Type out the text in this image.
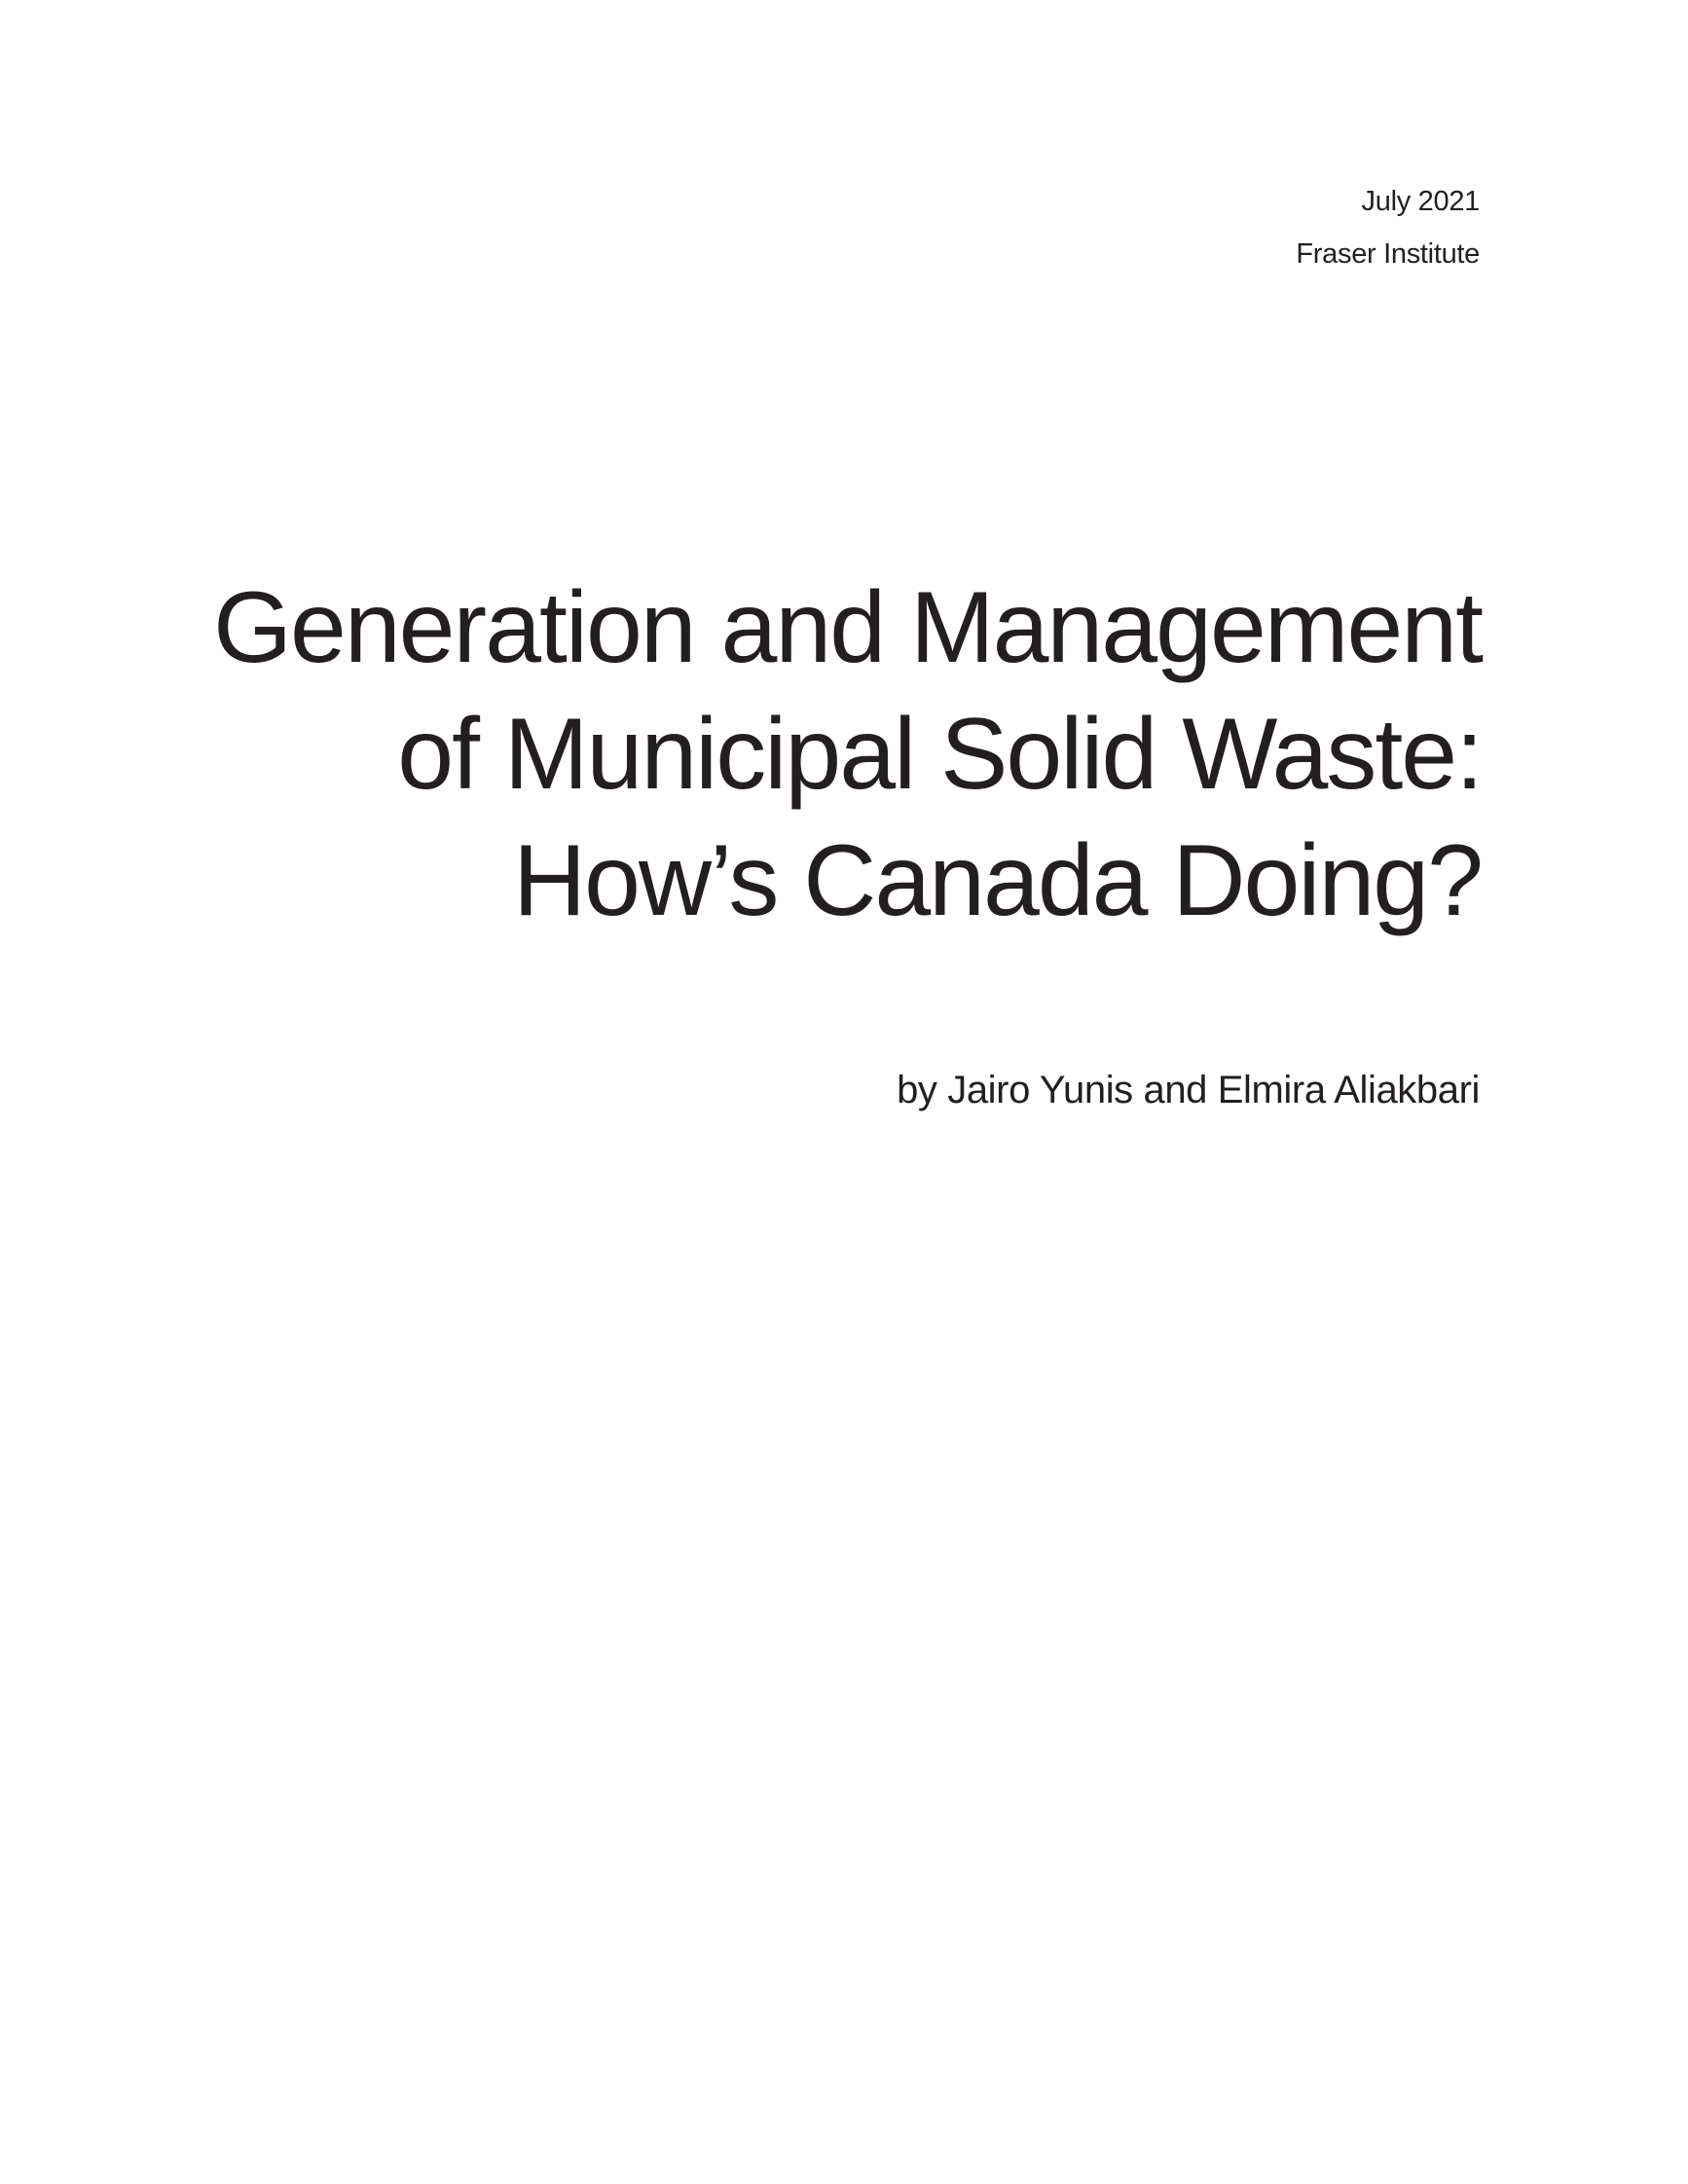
July 2021
Fraser Institute
Generation and Management
of Municipal Solid Waste:
How’s Canada Doing?
by Jairo Yunis and Elmira Aliakbari
